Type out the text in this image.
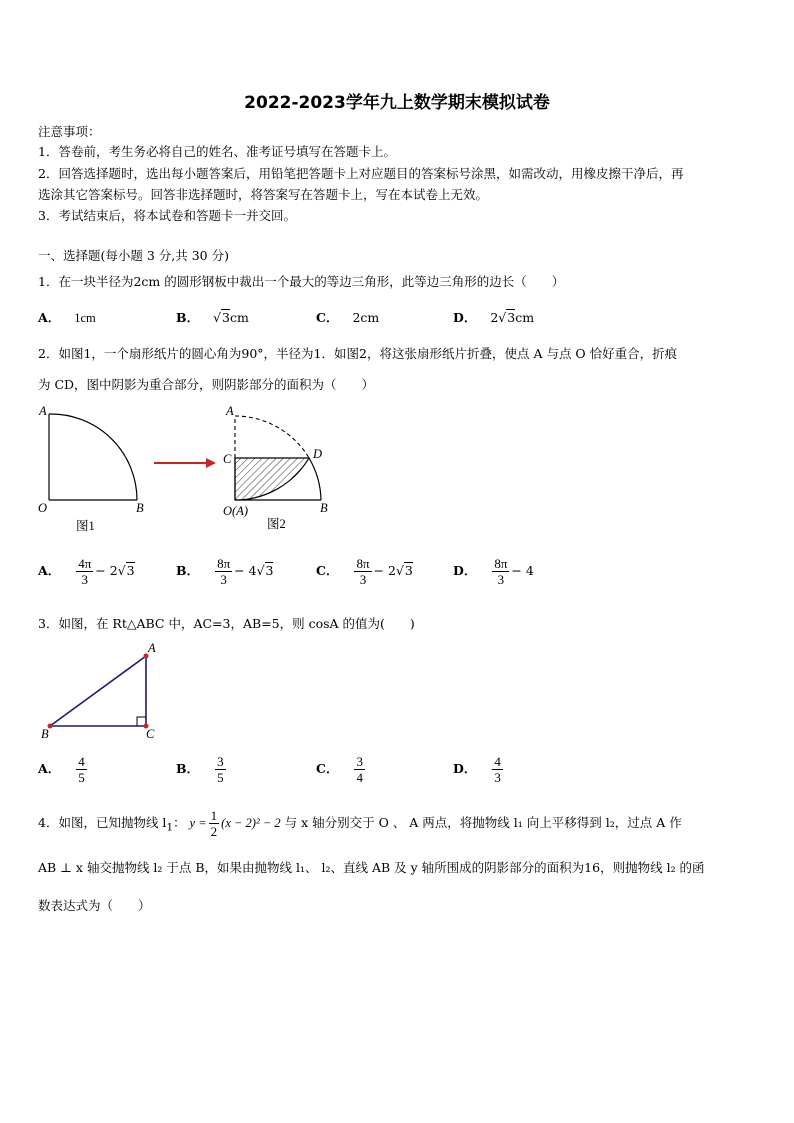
2022-2023学年九上数学期末模拟试卷
注意事项：
1．答卷前，考生务必将自己的姓名、准考证号填写在答题卡上。
2．回答选择题时，选出每小题答案后，用铅笔把答题卡上对应题目的答案标号涂黑，如需改动，用橡皮擦干净后，再
选涂其它答案标号。回答非选择题时，将答案写在答题卡上，写在本试卷上无效。
3．考试结束后，将本试卷和答题卡一并交回。
一、选择题(每小题 3 分,共 30 分)
1．在一块半径为2cm 的圆形钢板中裁出一个最大的等边三角形，此等边三角形的边长（　　）
A． 1cm	B． √3cm	C． 2cm	D． 2√3cm
2．如图1，一个扇形纸片的圆心角为90°，半径为1．如图2，将这张扇形纸片折叠，使点 A 与点 O 恰好重合，折痕
为 CD，图中阴影为重合部分，则阴影部分的面积为（　　）
A
O	B
图1
A
C	D
O(A)	B
图2
A． $\frac{4\pi}{3} - 2√3$	B． $\frac{8\pi}{3} - 4√3$	C． $\frac{8\pi}{3} - 2√3$	D． $\frac{8\pi}{3} - 4$
3．如图，在 Rt△ABC 中，AC=3，AB=5，则 cosA 的值为(　　)
A
B	C
A． $\frac{4}{5}$	B． $\frac{3}{5}$	C． $\frac{3}{4}$	D． $\frac{4}{3}$
4．如图，已知抛物线 $l_1$： $y = \frac{1}{2} (x - 2)^2 - 2$ 与 x 轴分别交于 O 、 A 两点，将抛物线 l₁ 向上平移得到 l₂，过点 A 作
AB ⊥ x 轴交抛物线 l₂ 于点 B，如果由抛物线 l₁、 l₂、直线 AB 及 y 轴所围成的阴影部分的面积为16，则抛物线 l₂ 的函
数表达式为（　　）
